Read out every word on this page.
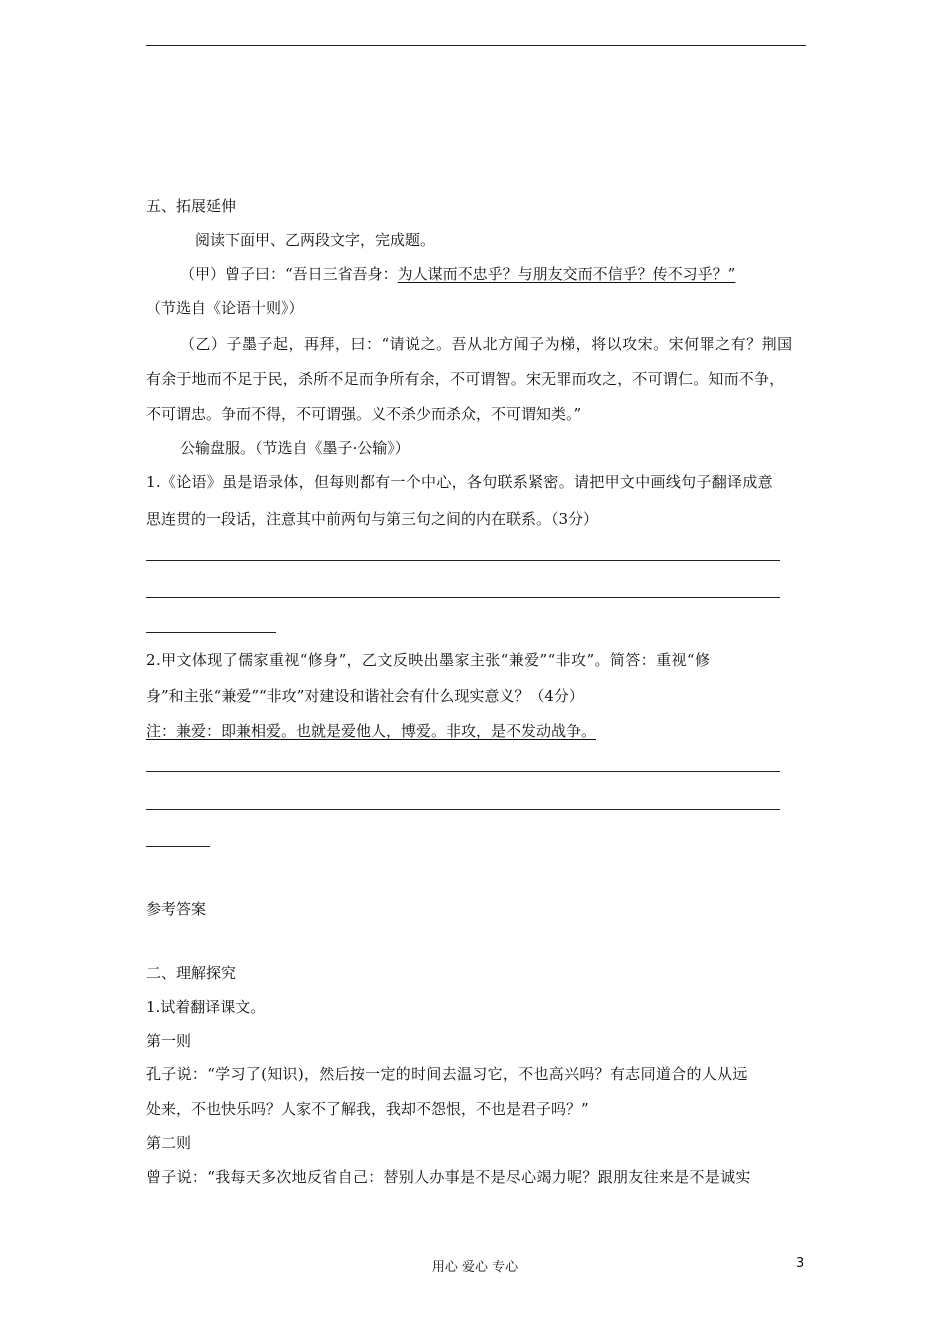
五、拓展延伸
阅读下面甲、乙两段文字，完成题。
（甲）曾子曰：“吾日三省吾身：为人谋而不忠乎？与朋友交而不信乎？传不习乎？”
（节选自《论语十则》）
（乙）子墨子起，再拜，曰：“请说之。吾从北方闻子为梯，将以攻宋。宋何罪之有？荆国
有余于地而不足于民，杀所不足而争所有余，不可谓智。宋无罪而攻之，不可谓仁。知而不争，
不可谓忠。争而不得，不可谓强。义不杀少而杀众，不可谓知类。”
公输盘服。（节选自《墨子·公输》）
1.《论语》虽是语录体，但每则都有一个中心，各句联系紧密。请把甲文中画线句子翻译成意
思连贯的一段话，注意其中前两句与第三句之间的内在联系。（3分）
2.甲文体现了儒家重视“修身”，乙文反映出墨家主张“兼爱”“非攻”。简答：重视“修
身”和主张“兼爱”“非攻”对建设和谐社会有什么现实意义？（4分）
注：兼爱：即兼相爱。也就是爱他人，博爱。非攻，是不发动战争。
参考答案
二、理解探究
1.试着翻译课文。
第一则
孔子说：“学习了(知识)，然后按一定的时间去温习它，不也高兴吗？有志同道合的人从远
处来，不也快乐吗？人家不了解我，我却不怨恨，不也是君子吗？”
第二则
曾子说：“我每天多次地反省自己：替别人办事是不是尽心竭力呢？跟朋友往来是不是诚实
用心 爱心 专心	3
